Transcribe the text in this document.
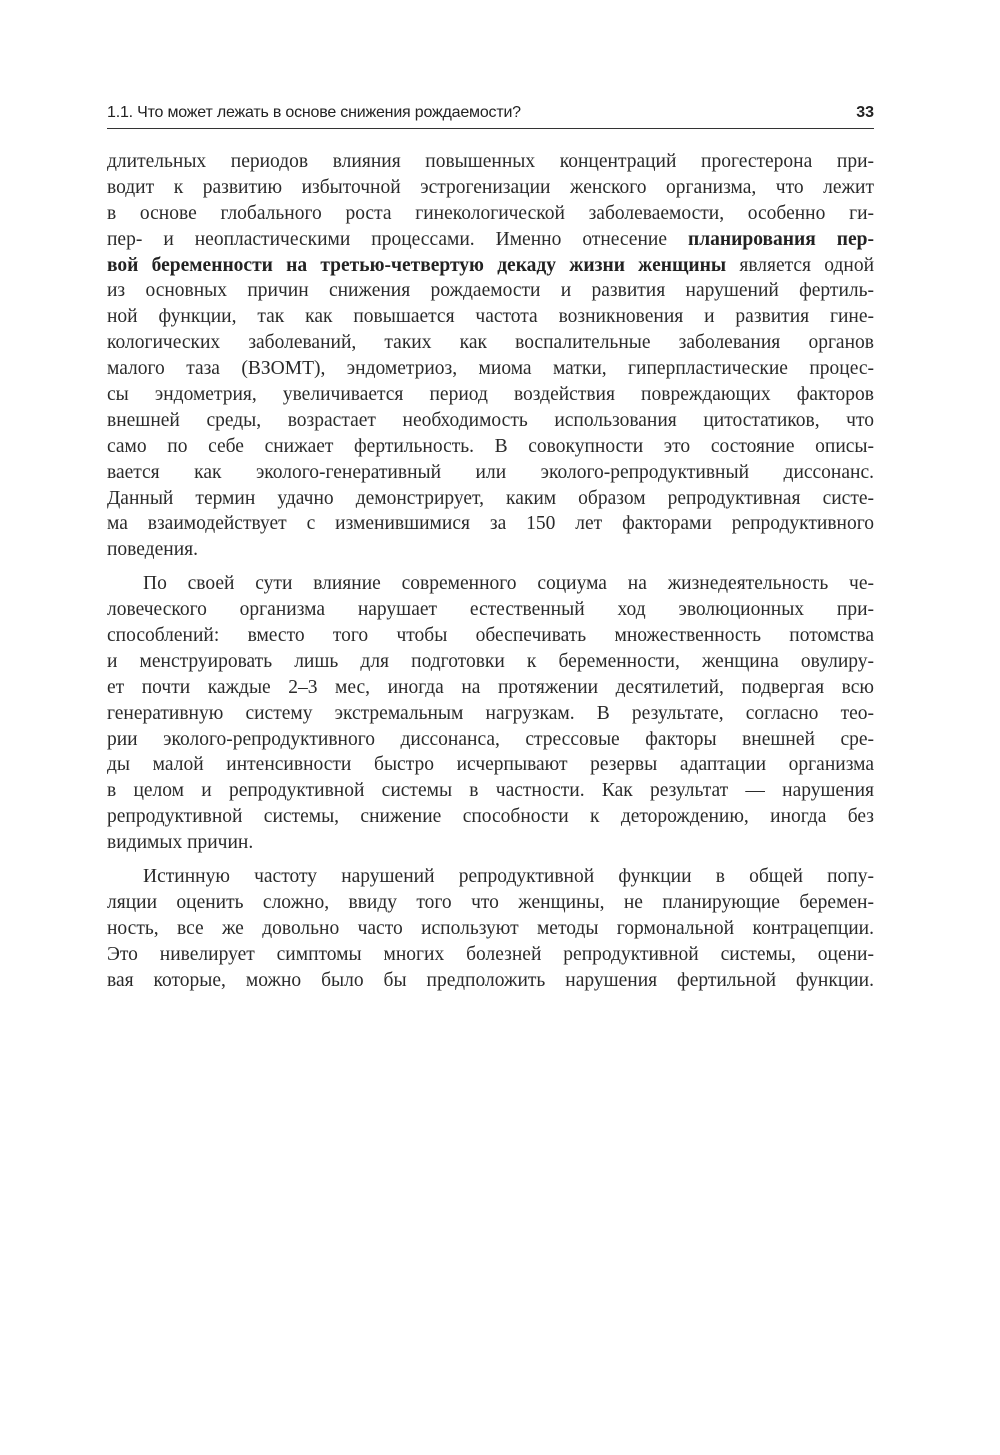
1.1. Что может лежать в основе снижения рождаемости?	33
длительных периодов влияния повышенных концентраций прогестерона при-
водит к развитию избыточной эстрогенизации женского организма, что лежит
в основе глобального роста гинекологической заболеваемости, особенно ги-
пер- и неопластическими процессами. Именно отнесение планирования пер-
вой беременности на третью-четвертую декаду жизни женщины является одной
из основных причин снижения рождаемости и развития нарушений фертиль-
ной функции, так как повышается частота возникновения и развития гине-
кологических заболеваний, таких как воспалительные заболевания органов
малого таза (ВЗОМТ), эндометриоз, миома матки, гиперпластические процес-
сы эндометрия, увеличивается период воздействия повреждающих факторов
внешней среды, возрастает необходимость использования цитостатиков, что
само по себе снижает фертильность. В совокупности это состояние описы-
вается как эколого-генеративный или эколого-репродуктивный диссонанс.
Данный термин удачно демонстрирует, каким образом репродуктивная систе-
ма взаимодействует с изменившимися за 150 лет факторами репродуктивного
поведения.
По своей сути влияние современного социума на жизнедеятельность че-
ловеческого организма нарушает естественный ход эволюционных при-
способлений: вместо того чтобы обеспечивать множественность потомства
и менструировать лишь для подготовки к беременности, женщина овулиру-
ет почти каждые 2–3 мес, иногда на протяжении десятилетий, подвергая всю
генеративную систему экстремальным нагрузкам. В результате, согласно тео-
рии эколого-репродуктивного диссонанса, стрессовые факторы внешней сре-
ды малой интенсивности быстро исчерпывают резервы адаптации организма
в целом и репродуктивной системы в частности. Как результат — нарушения
репродуктивной системы, снижение способности к деторождению, иногда без
видимых причин.
Истинную частоту нарушений репродуктивной функции в общей попу-
ляции оценить сложно, ввиду того что женщины, не планирующие беремен-
ность, все же довольно часто используют методы гормональной контрацепции.
Это нивелирует симптомы многих болезней репродуктивной системы, оцени-
вая которые, можно было бы предположить нарушения фертильной функции.
